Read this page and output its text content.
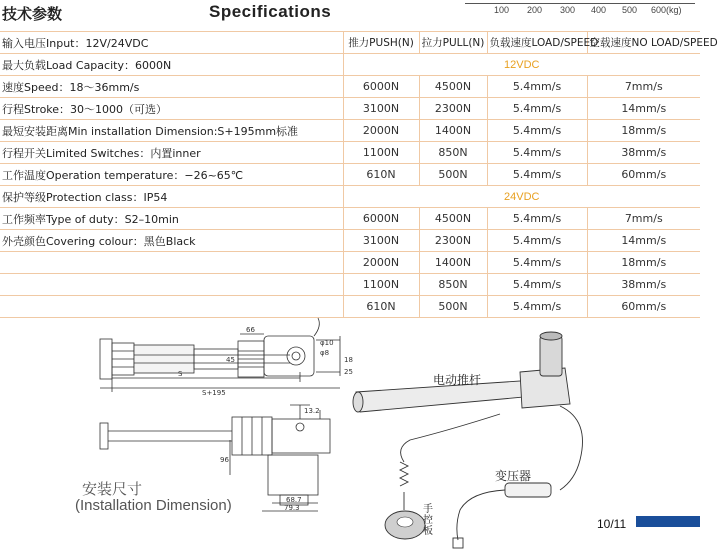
技术参数	Specifications	100 200 300 400 500 600(kg)
输入电压Input：12V/24VDC	推力PUSH(N)	拉力PULL(N)	负载速度LOAD/SPEED	空载速度NO LOAD/SPEED
最大负载Load Capacity：6000N	12VDC			
速度Speed：18～36mm/s	6000N	4500N	5.4mm/s	7mm/s
行程Stroke：30～1000（可选）	3100N	2300N	5.4mm/s	14mm/s
最短安装距离Min installation Dimension:S+195mm标准	2000N	1400N	5.4mm/s	18mm/s
行程开关Limited Switches：内置inner	1100N	850N	5.4mm/s	38mm/s
工作温度Operation temperature：−26~65℃	610N	500N	5.4mm/s	60mm/s
保护等级Protection class：IP54	24VDC			
工作频率Type of duty：S2–10min	6000N	4500N	5.4mm/s	7mm/s
外壳颜色Covering colour：黑色Black	3100N	2300N	5.4mm/s	14mm/s
	2000N	1400N	5.4mm/s	18mm/s
	1100N	850N	5.4mm/s	38mm/s
	610N	500N	5.4mm/s	60mm/s
S
S+195
66
φ10
φ8
45	18
25
13.2
96
68.7
79.3
安装尺寸
(Installation Dimension)
电动推杆
变压器
手控板
10/11
